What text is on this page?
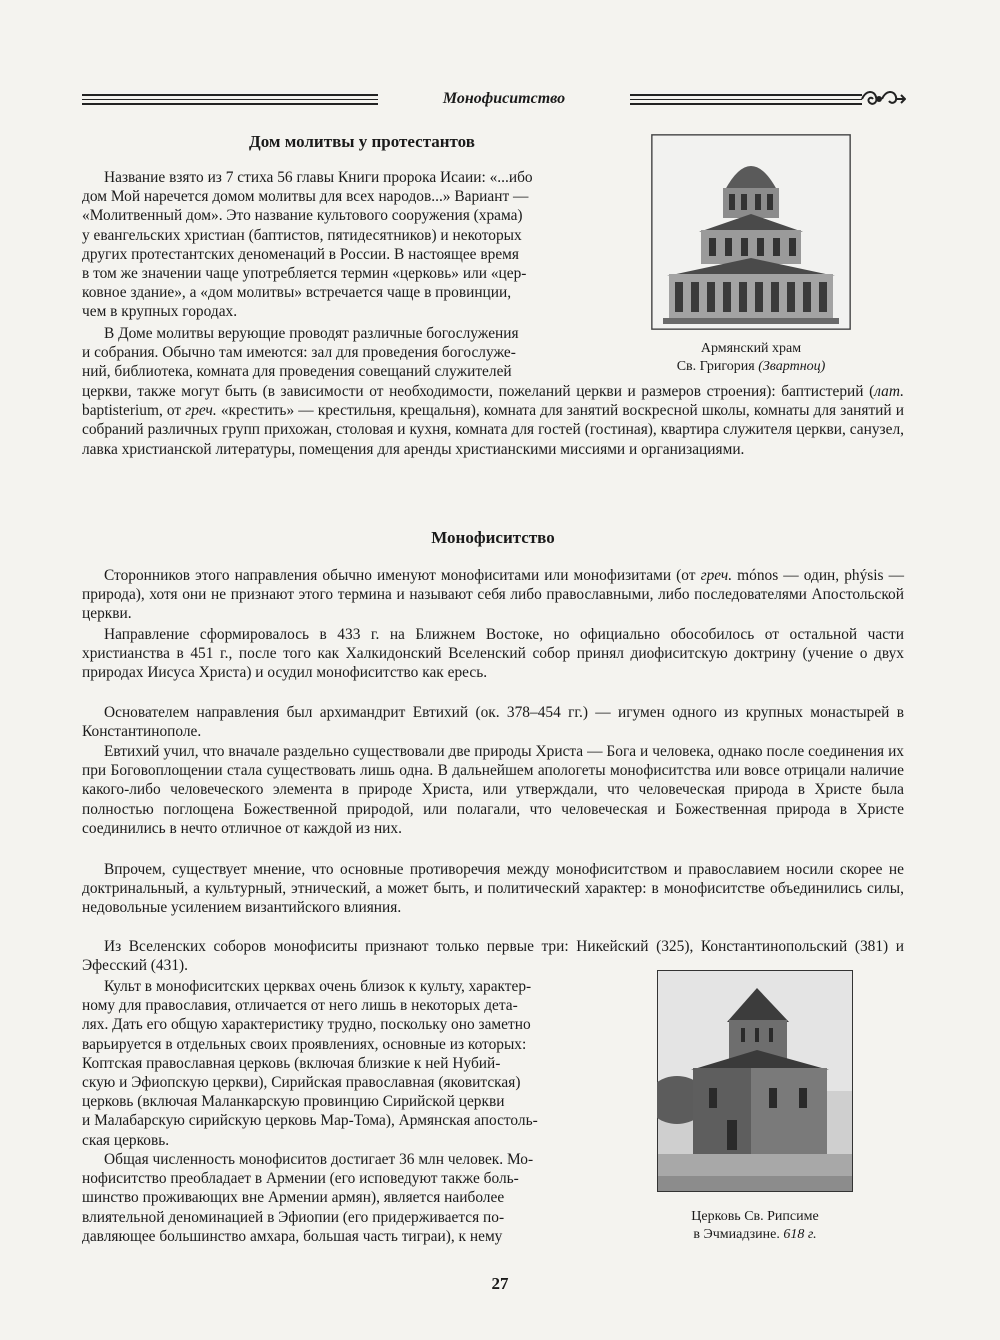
Монофиситство
Дом молитвы у протестантов
Название взято из 7 стиха 56 главы Книги пророка Исаии: «...ибо
дом Мой наречется домом молитвы для всех народов...» Вариант —
«Молитвенный дом». Это название культового сооружения (храма)
у евангельских христиан (баптистов, пятидесятников) и некоторых
других протестантских деноменаций в России. В настоящее время
в том же значении чаще употребляется термин «церковь» или «цер-
ковное здание», а «дом молитвы» встречается чаще в провинции,
чем в крупных городах.
В Доме молитвы верующие проводят различные богослужения
и собрания. Обычно там имеются: зал для проведения богослуже-
ний, библиотека, комната для проведения совещаний служителей

церкви, также могут быть (в зависимости от необходимости, пожеланий церкви и размеров строения): баптистерий (лат. baptisterium, от греч. «крестить» — крестильня, крещальня), комната для занятий воскресной школы, комнаты для занятий и собраний различных групп прихожан, столовая и кухня, комната для гостей (гостиная), квартира служителя церкви, санузел, лавка христианской литературы, помещения для аренды христианскими миссиями и организациями.

Армянский храм
Св. Григория (Звартноц)
Монофиситство

Сторонников этого направления обычно именуют монофиситами или монофизитами (от греч. mónos — один, phýsis — природа), хотя они не признают этого термина и называют себя либо православными, либо последователями Апостольской церкви.

Направление сформировалось в 433 г. на Ближнем Востоке, но официально обособилось от остальной части христианства в 451 г., после того как Халкидонский Вселенский собор принял диофиситскую доктрину (учение о двух природах Иисуса Христа) и осудил монофиситство как ересь.

Основателем направления был архимандрит Евтихий (ок. 378–454 гг.) — игумен одного из крупных монастырей в Константинополе.

Евтихий учил, что вначале раздельно существовали две природы Христа — Бога и человека, однако после соединения их при Боговоплощении стала существовать лишь одна. В дальнейшем апологеты монофиситства или вовсе отрицали наличие какого-либо человеческого элемента в природе Христа, или утверждали, что человеческая природа в Христе была полностью поглощена Божественной природой, или полагали, что человеческая и Божественная природа в Христе соединились в нечто отличное от каждой из них.

Впрочем, существует мнение, что основные противоречия между монофиситством и православием носили скорее не доктринальный, а культурный, этнический, а может быть, и политический характер: в монофиситстве объединились силы, недовольные усилением византийского влияния.

Из Вселенских соборов монофиситы признают только первые три: Никейский (325), Константинопольский (381) и Эфесский (431).

Культ в монофиситских церквах очень близок к культу, характер-
ному для православия, отличается от него лишь в некоторых дета-
лях. Дать его общую характеристику трудно, поскольку оно заметно
варьируется в отдельных своих проявлениях, основные из которых:
Коптская православная церковь (включая близкие к ней Нубий-
скую и Эфиопскую церкви), Сирийская православная (яковитская)
церковь (включая Маланкарскую провинцию Сирийской церкви
и Малабарскую сирийскую церковь Мар-Тома), Армянская апостоль-
ская церковь.
Общая численность монофиситов достигает 36 млн человек. Мо-
нофиситство преобладает в Армении (его исповедуют также боль-
шинство проживающих вне Армении армян), является наиболее
влиятельной деноминацией в Эфиопии (его придерживается по-
давляющее большинство амхара, большая часть тиграи), к нему
Церковь Св. Рипсиме
в Эчмиадзине. 618 г.
27
